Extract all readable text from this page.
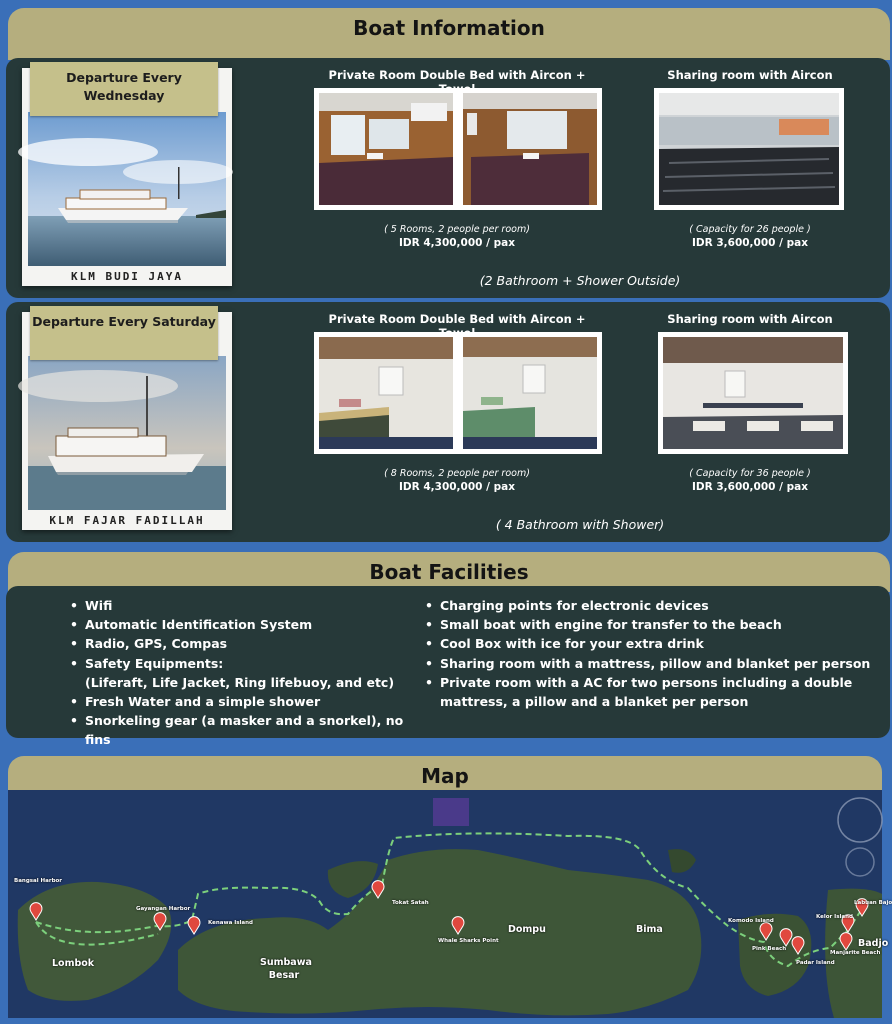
Boat Information
KLM BUDI JAYA
Departure Every Wednesday
Private Room Double Bed with Aircon +
( 5 Rooms, 2 people per room)
IDR 4,300,000 / pax
Sharing room with Aircon
( Capacity for 26 people )
IDR 3,600,000 / pax
(2 Bathroom + Shower Outside)
KLM FAJAR FADILLAH
Departure Every Saturday	Private Room Double Bed with Aircon +
( 8 Rooms, 2 people per room)
IDR 4,300,000 / pax
Sharing room with Aircon
( Capacity for 36 people )
IDR 3,600,000 / pax
( 4 Bathroom with Shower)
Boat Facilities
• Wifi
• Automatic Identification System
• Radio, GPS, Compas
• Safety Equipments:
(Liferaft, Life Jacket, Ring lifebuoy, and etc)
• Fresh Water and a simple shower
• Snorkeling gear (a masker and a snorkel), no fins
• Charging points for electronic devices
• Small boat with engine for transfer to the beach
• Cool Box with ice for your extra drink
• Sharing room with a mattress, pillow and blanket per person
• Private room with a AC for two persons including a double
mattress, a pillow and a blanket per person
Map
Bangsal Harbor
Gayangan Harbor
Kenawa Island
Lombok	Sumbawa Besar
Tokat Satah
Whale Sharks Point
Dompu	Bima
Komodo Island
Pink Beach
Padar Island
Kelor Island
Labuan Bajo
Manjarite Beach
Badjo
